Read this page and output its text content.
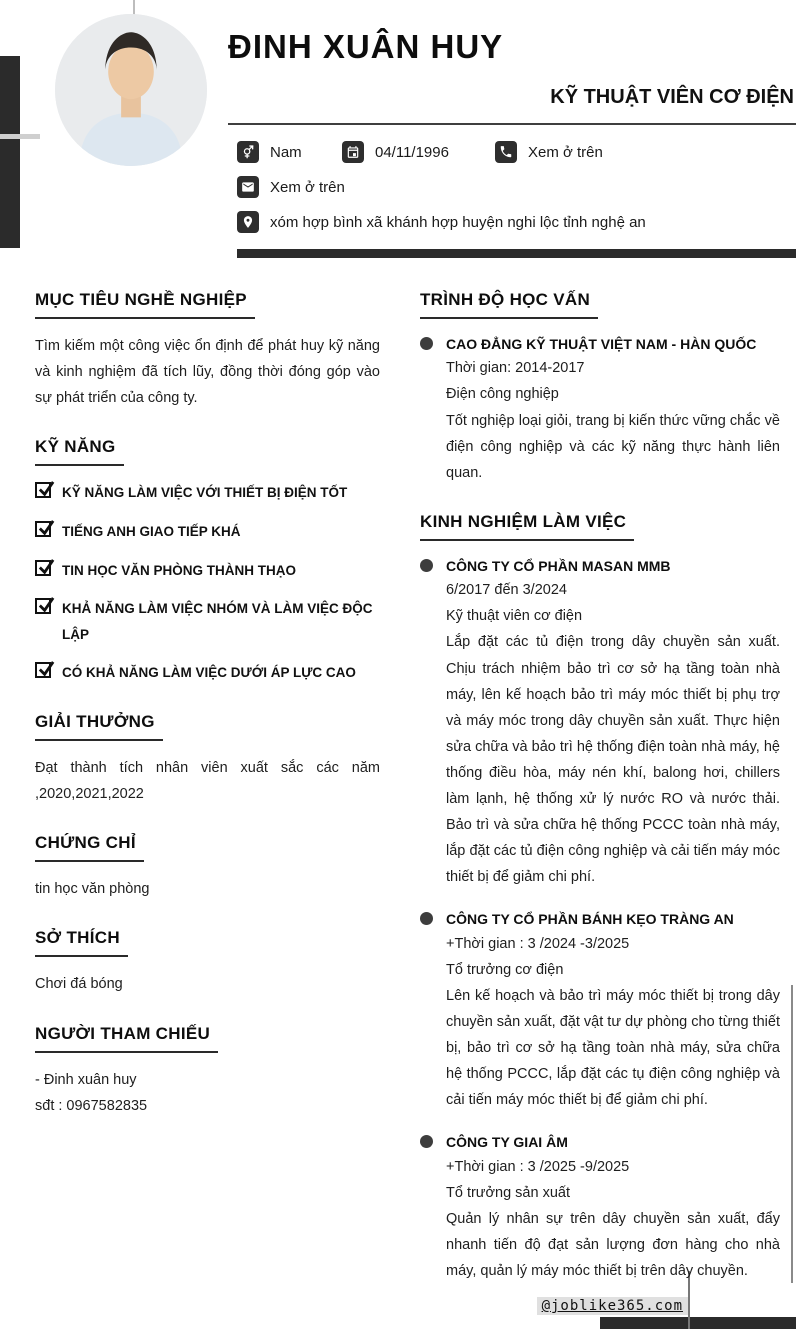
ĐINH XUÂN HUY
KỸ THUẬT VIÊN CƠ ĐIỆN
Nam	04/11/1996	Xem ở trên
Xem ở trên
xóm hợp bình xã khánh hợp huyện nghi lộc tỉnh nghệ an
MỤC TIÊU NGHỀ NGHIỆP
Tìm kiếm một công việc ổn định để phát huy kỹ năng và kinh nghiệm đã tích lũy, đồng thời đóng góp vào sự phát triển của công ty.
KỸ NĂNG
KỸ NĂNG LÀM VIỆC VỚI THIẾT BỊ ĐIỆN TỐT
TIẾNG ANH GIAO TIẾP KHÁ
TIN HỌC VĂN PHÒNG THÀNH THẠO
KHẢ NĂNG LÀM VIỆC NHÓM VÀ LÀM VIỆC ĐỘC LẬP
CÓ KHẢ NĂNG LÀM VIỆC DƯỚI ÁP LỰC CAO
GIẢI THƯỞNG
Đạt thành tích nhân viên xuất sắc các năm ,2020,2021,2022
CHỨNG CHỈ
tin học văn phòng
SỞ THÍCH
Chơi đá bóng
NGƯỜI THAM CHIẾU
- Đinh xuân huy
sđt : 0967582835
TRÌNH ĐỘ HỌC VẤN
CAO ĐẲNG KỸ THUẬT VIỆT NAM - HÀN QUỐC
Thời gian: 2014-2017
Điện công nghiệp
Tốt nghiệp loại giỏi, trang bị kiến thức vững chắc về điện công nghiệp và các kỹ năng thực hành liên quan.
KINH NGHIỆM LÀM VIỆC
CÔNG TY CỔ PHẦN MASAN MMB
6/2017 đến 3/2024
Kỹ thuật viên cơ điện
Lắp đặt các tủ điện trong dây chuyền sản xuất. Chịu trách nhiệm bảo trì cơ sở hạ tầng toàn nhà máy, lên kế hoạch bảo trì máy móc thiết bị phụ trợ và máy móc trong dây chuyền sản xuất. Thực hiện sửa chữa và bảo trì hệ thống điện toàn nhà máy, hệ thống điều hòa, máy nén khí, balong hơi, chillers làm lạnh, hệ thống xử lý nước RO và nước thải. Bảo trì và sửa chữa hệ thống PCCC toàn nhà máy, lắp đặt các tủ điện công nghiệp và cải tiến máy móc thiết bị để giảm chi phí.
CÔNG TY CỔ PHẦN BÁNH KẸO TRÀNG AN
+Thời gian : 3 /2024 -3/2025
Tổ trưởng cơ điện
Lên kế hoạch và bảo trì máy móc thiết bị trong dây chuyền sản xuất, đặt vật tư dự phòng cho từng thiết bị, bảo trì cơ sở hạ tầng toàn nhà máy, sửa chữa hệ thống PCCC, lắp đặt các tụ điện công nghiệp và cải tiến máy móc thiết bị để giảm chi phí.
CÔNG TY GIAI ÂM
+Thời gian : 3 /2025 -9/2025
Tổ trưởng sản xuất
Quản lý nhân sự trên dây chuyền sản xuất, đẩy nhanh tiến độ đạt sản lượng đơn hàng cho nhà máy, quản lý máy móc thiết bị trên dây chuyền.
@joblike365.com
